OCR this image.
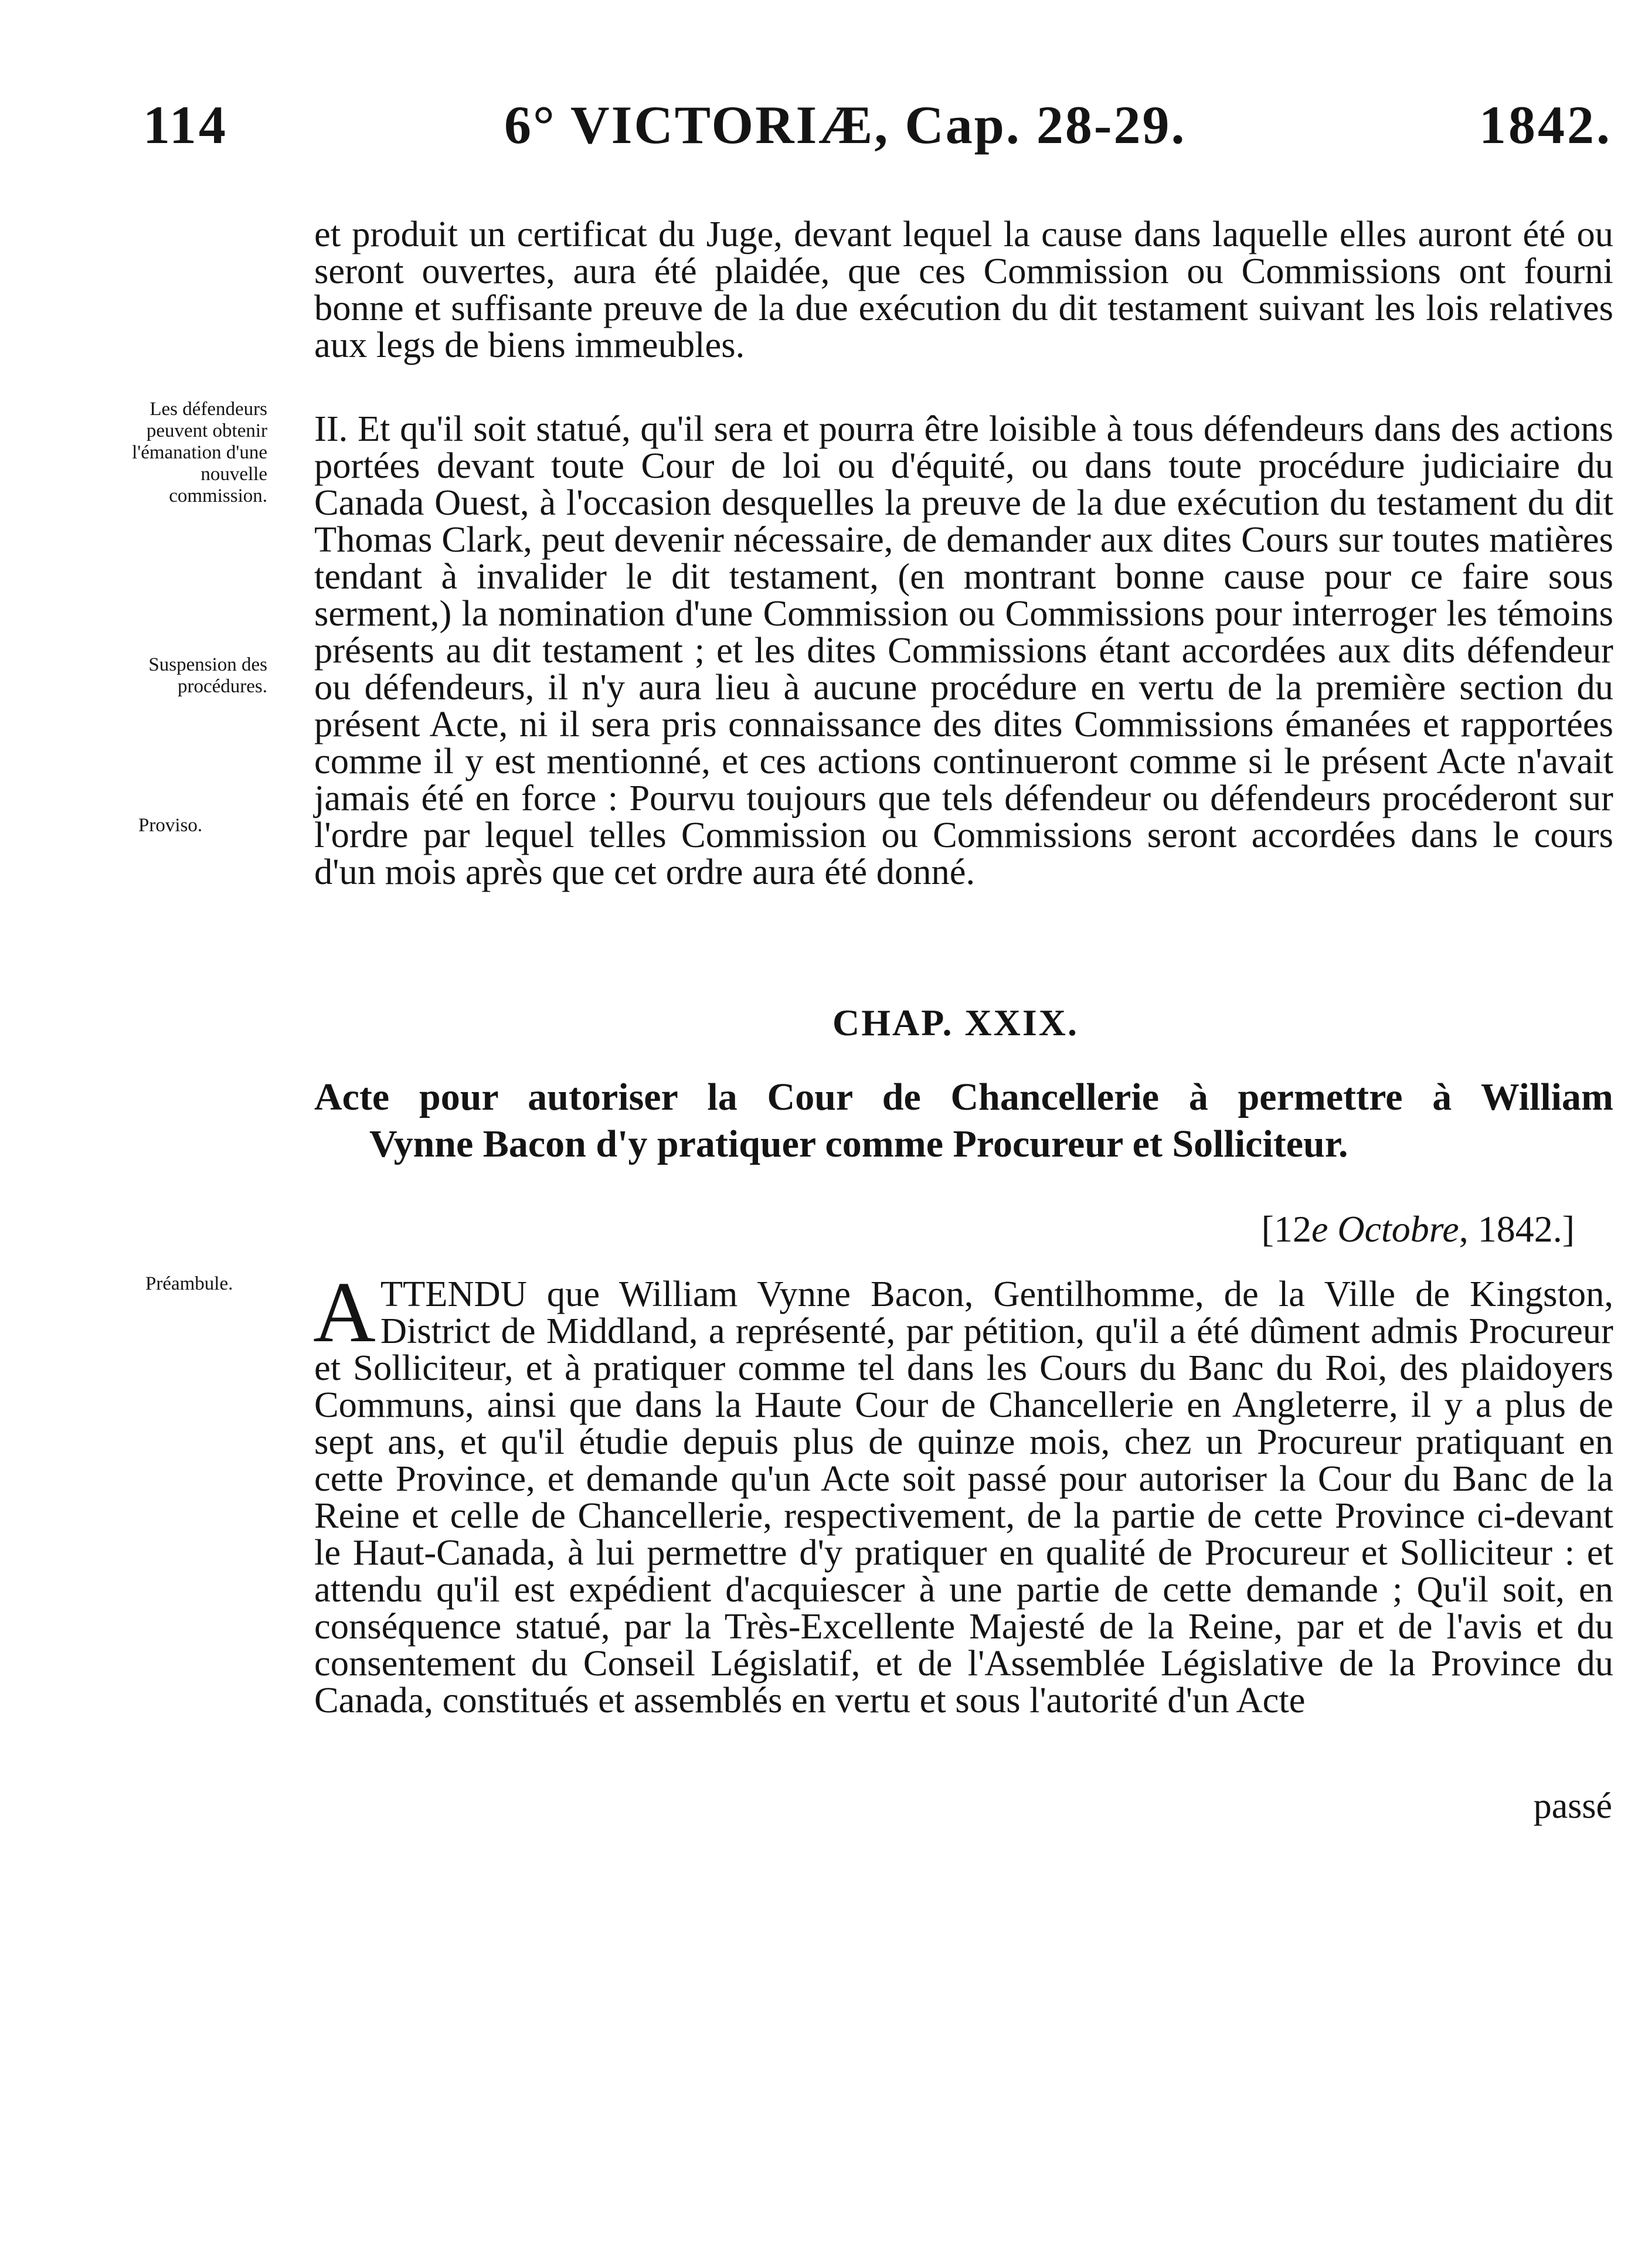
114	6° VICTORIÆ, Cap. 28-29.	1842.

et produit un certificat du Juge, devant lequel la cause dans laquelle elles auront été ou seront ouvertes, aura été plaidée, que ces Commission ou Commissions ont fourni bonne et suffisante preuve de la due exécution du dit testament suivant les lois relatives aux legs de biens immeubles.

Les défendeurs peuvent obtenir l'émanation d'une nouvelle commission.
Suspension des procédures.
Proviso.

II. Et qu'il soit statué, qu'il sera et pourra être loisible à tous défendeurs dans des actions portées devant toute Cour de loi ou d'équité, ou dans toute procédure judiciaire du Canada Ouest, à l'occasion desquelles la preuve de la due exécution du testament du dit Thomas Clark, peut devenir nécessaire, de demander aux dites Cours sur toutes matières tendant à invalider le dit testament, (en montrant bonne cause pour ce faire sous serment,) la nomination d'une Commission ou Commissions pour interroger les témoins présents au dit testament ; et les dites Commissions étant accordées aux dits défendeur ou défendeurs, il n'y aura lieu à aucune procédure en vertu de la première section du présent Acte, ni il sera pris connaissance des dites Commissions émanées et rapportées comme il y est mentionné, et ces actions continueront comme si le présent Acte n'avait jamais été en force : Pourvu toujours que tels défendeur ou défendeurs procéderont sur l'ordre par lequel telles Commission ou Commissions seront accordées dans le cours d'un mois après que cet ordre aura été donné.

CHAP. XXIX.
Acte pour autoriser la Cour de Chancellerie à permettre à William
Vynne Bacon d'y pratiquer comme Procureur et Solliciteur.
[12e Octobre, 1842.]
Préambule. ATTENDU que William Vynne Bacon, Gentilhomme, de la Ville de Kingston, District de Middland, a représenté, par pétition, qu'il a été dûment admis Procureur et Solliciteur, et à pratiquer comme tel dans les Cours du Banc du Roi, des plaidoyers Communs, ainsi que dans la Haute Cour de Chancellerie en Angleterre, il y a plus de sept ans, et qu'il étudie depuis plus de quinze mois, chez un Procureur pratiquant en cette Province, et demande qu'un Acte soit passé pour autoriser la Cour du Banc de la Reine et celle de Chancellerie, respectivement, de la partie de cette Province ci-devant le Haut-Canada, à lui permettre d'y pratiquer en qualité de Procureur et Solliciteur : et attendu qu'il est expédient d'acquiescer à une partie de cette demande ; Qu'il soit, en conséquence statué, par la Très-Excellente Majesté de la Reine, par et de l'avis et du consentement du Conseil Législatif, et de l'Assemblée Législative de la Province du Canada, constitués et assemblés en vertu et sous l'autorité d'un Acte

passé
